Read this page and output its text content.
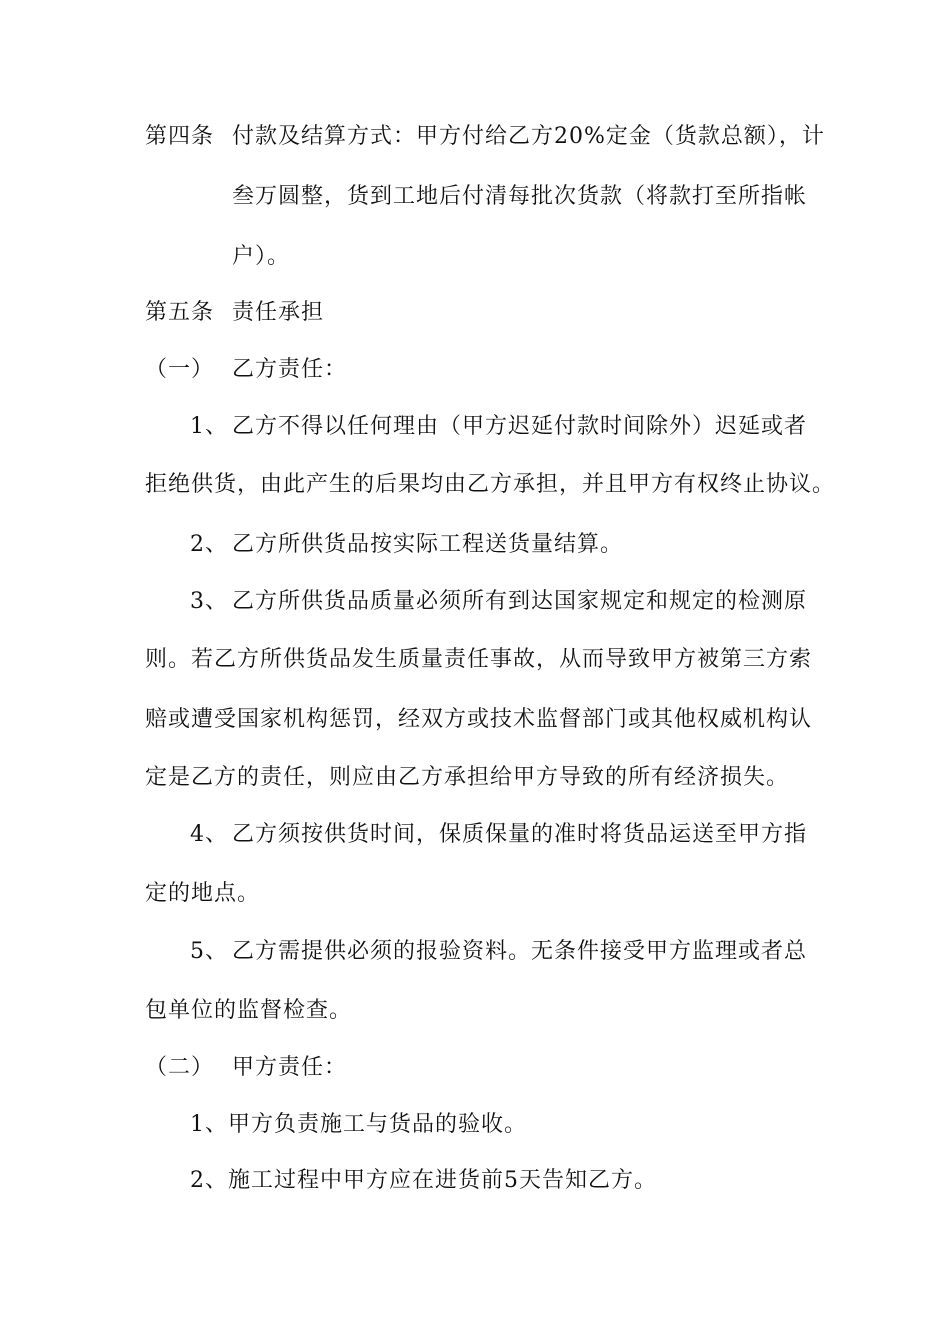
第四条 付款及结算方式：甲方付给乙方20%定金（货款总额），计
叁万圆整，货到工地后付清每批次货款（将款打至所指帐
户）。
第五条 责任承担
（一） 乙方责任：
1、 乙方不得以任何理由（甲方迟延付款时间除外）迟延或者
拒绝供货，由此产生的后果均由乙方承担，并且甲方有权终止协议。
2、 乙方所供货品按实际工程送货量结算。
3、 乙方所供货品质量必须所有到达国家规定和规定的检测原
则。若乙方所供货品发生质量责任事故，从而导致甲方被第三方索
赔或遭受国家机构惩罚，经双方或技术监督部门或其他权威机构认
定是乙方的责任，则应由乙方承担给甲方导致的所有经济损失。
4、 乙方须按供货时间，保质保量的准时将货品运送至甲方指
定的地点。
5、 乙方需提供必须的报验资料。无条件接受甲方监理或者总
包单位的监督检查。
（二） 甲方责任：
1、甲方负责施工与货品的验收。
2、施工过程中甲方应在进货前5天告知乙方。
